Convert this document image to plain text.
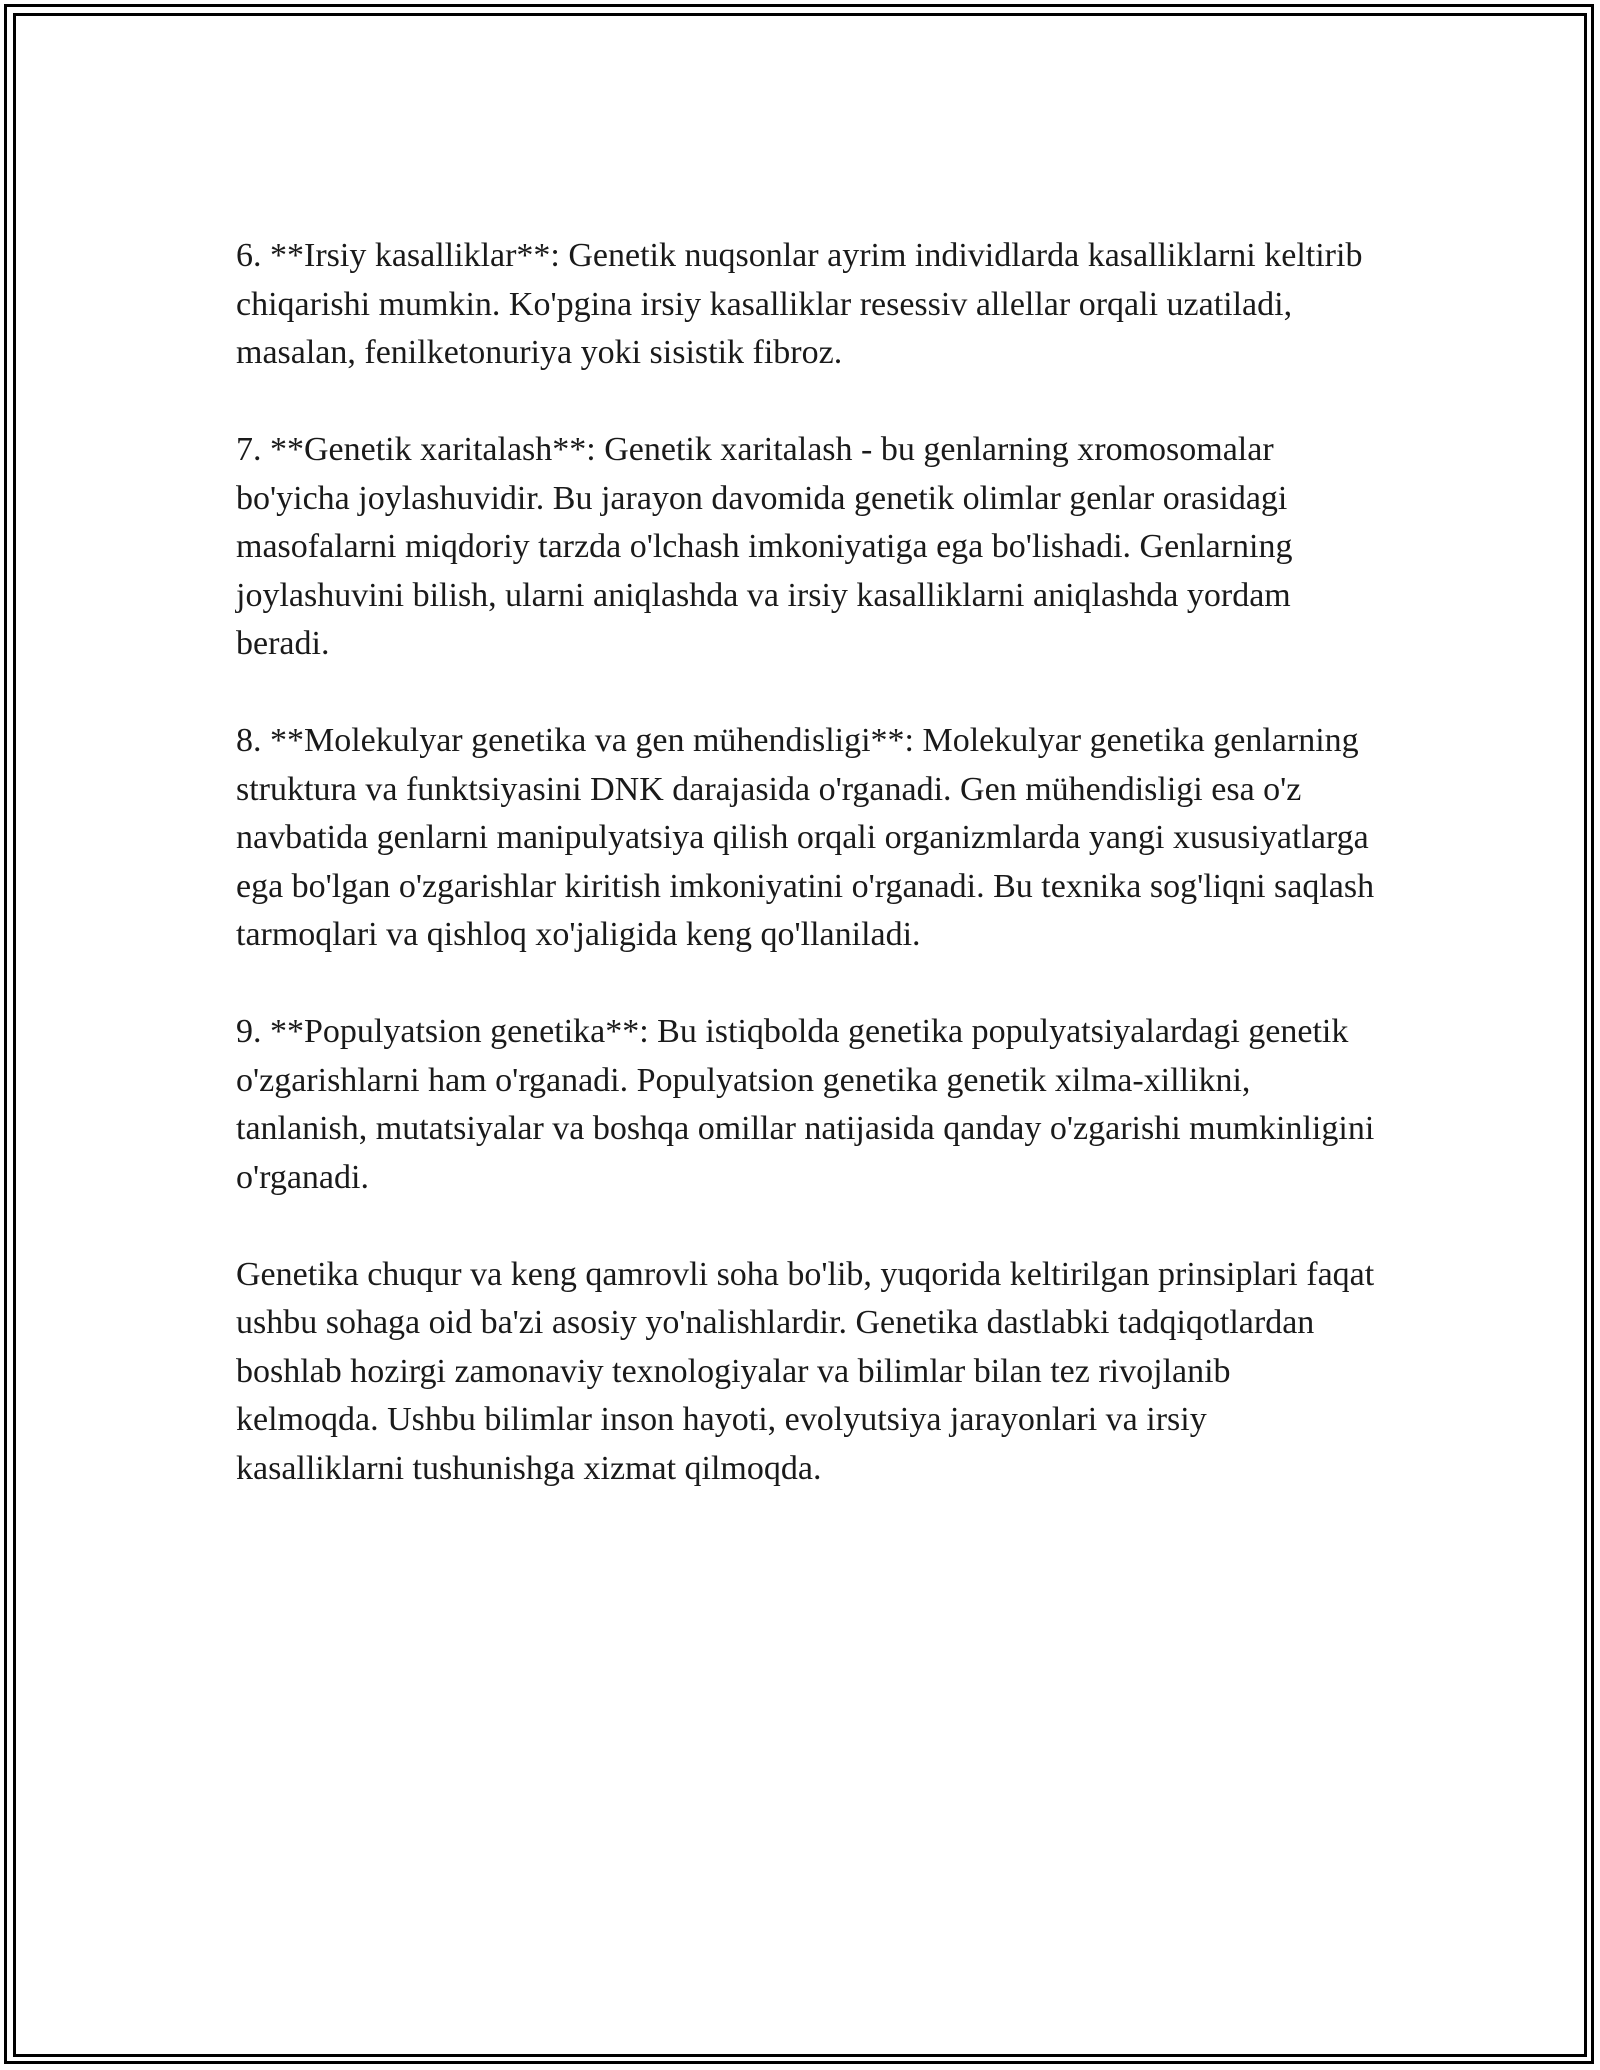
6. **Irsiy kasalliklar**: Genetik nuqsonlar ayrim individlarda kasalliklarni keltirib chiqarishi mumkin. Ko'pgina irsiy kasalliklar resessiv allellar orqali uzatiladi, masalan, fenilketonuriya yoki sisistik fibroz.

7. **Genetik xaritalash**: Genetik xaritalash - bu genlarning xromosomalar bo'yicha joylashuvidir. Bu jarayon davomida genetik olimlar genlar orasidagi masofalarni miqdoriy tarzda o'lchash imkoniyatiga ega bo'lishadi. Genlarning joylashuvini bilish, ularni aniqlashda va irsiy kasalliklarni aniqlashda yordam beradi.

8. **Molekulyar genetika va gen mühendisligi**: Molekulyar genetika genlarning struktura va funktsiyasini DNK darajasida o'rganadi. Gen mühendisligi esa o'z navbatida genlarni manipulyatsiya qilish orqali organizmlarda yangi xususiyatlarga ega bo'lgan o'zgarishlar kiritish imkoniyatini o'rganadi. Bu texnika sog'liqni saqlash tarmoqlari va qishloq xo'jaligida keng qo'llaniladi.

9. **Populyatsion genetika**: Bu istiqbolda genetika populyatsiyalardagi genetik o'zgarishlarni ham o'rganadi. Populyatsion genetika genetik xilma-xillikni, tanlanish, mutatsiyalar va boshqa omillar natijasida qanday o'zgarishi mumkinligini o'rganadi.

Genetika chuqur va keng qamrovli soha bo'lib, yuqorida keltirilgan prinsiplari faqat ushbu sohaga oid ba'zi asosiy yo'nalishlardir. Genetika dastlabki tadqiqotlardan boshlab hozirgi zamonaviy texnologiyalar va bilimlar bilan tez rivojlanib kelmoqda. Ushbu bilimlar inson hayoti, evolyutsiya jarayonlari va irsiy kasalliklarni tushunishga xizmat qilmoqda.
